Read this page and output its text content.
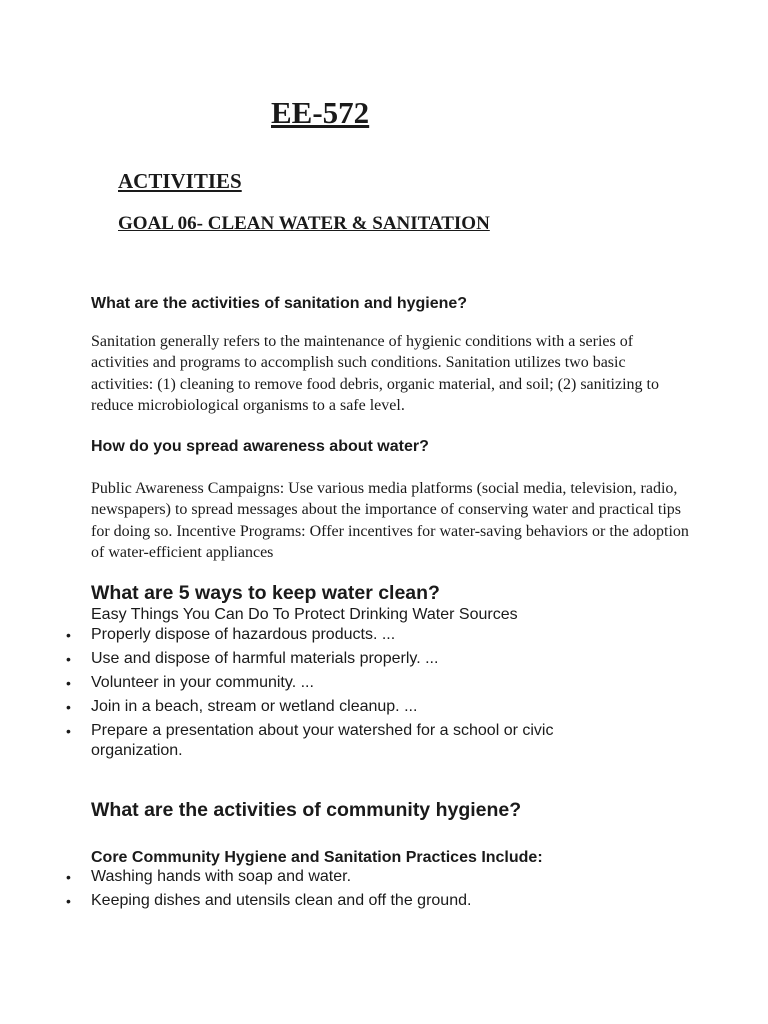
EE-572
ACTIVITIES
GOAL 06- CLEAN WATER & SANITATION

What are the activities of sanitation and hygiene?

Sanitation generally refers to the maintenance of hygienic conditions with a series of activities and programs to accomplish such conditions. Sanitation utilizes two basic activities: (1) cleaning to remove food debris, organic material, and soil; (2) sanitizing to reduce microbiological organisms to a safe level.

How do you spread awareness about water?

Public Awareness Campaigns: Use various media platforms (social media, television, radio, newspapers) to spread messages about the importance of conserving water and practical tips for doing so. Incentive Programs: Offer incentives for water-saving behaviors or the adoption of water-efficient appliances

What are 5 ways to keep water clean?

Easy Things You Can Do To Protect Drinking Water Sources

• Properly dispose of hazardous products. ...
• Use and dispose of harmful materials properly. ...
• Volunteer in your community. ...
• Join in a beach, stream or wetland cleanup. ...
• Prepare a presentation about your watershed for a school or civic organization.

What are the activities of community hygiene?

Core Community Hygiene and Sanitation Practices Include:

• Washing hands with soap and water.
• Keeping dishes and utensils clean and off the ground.
